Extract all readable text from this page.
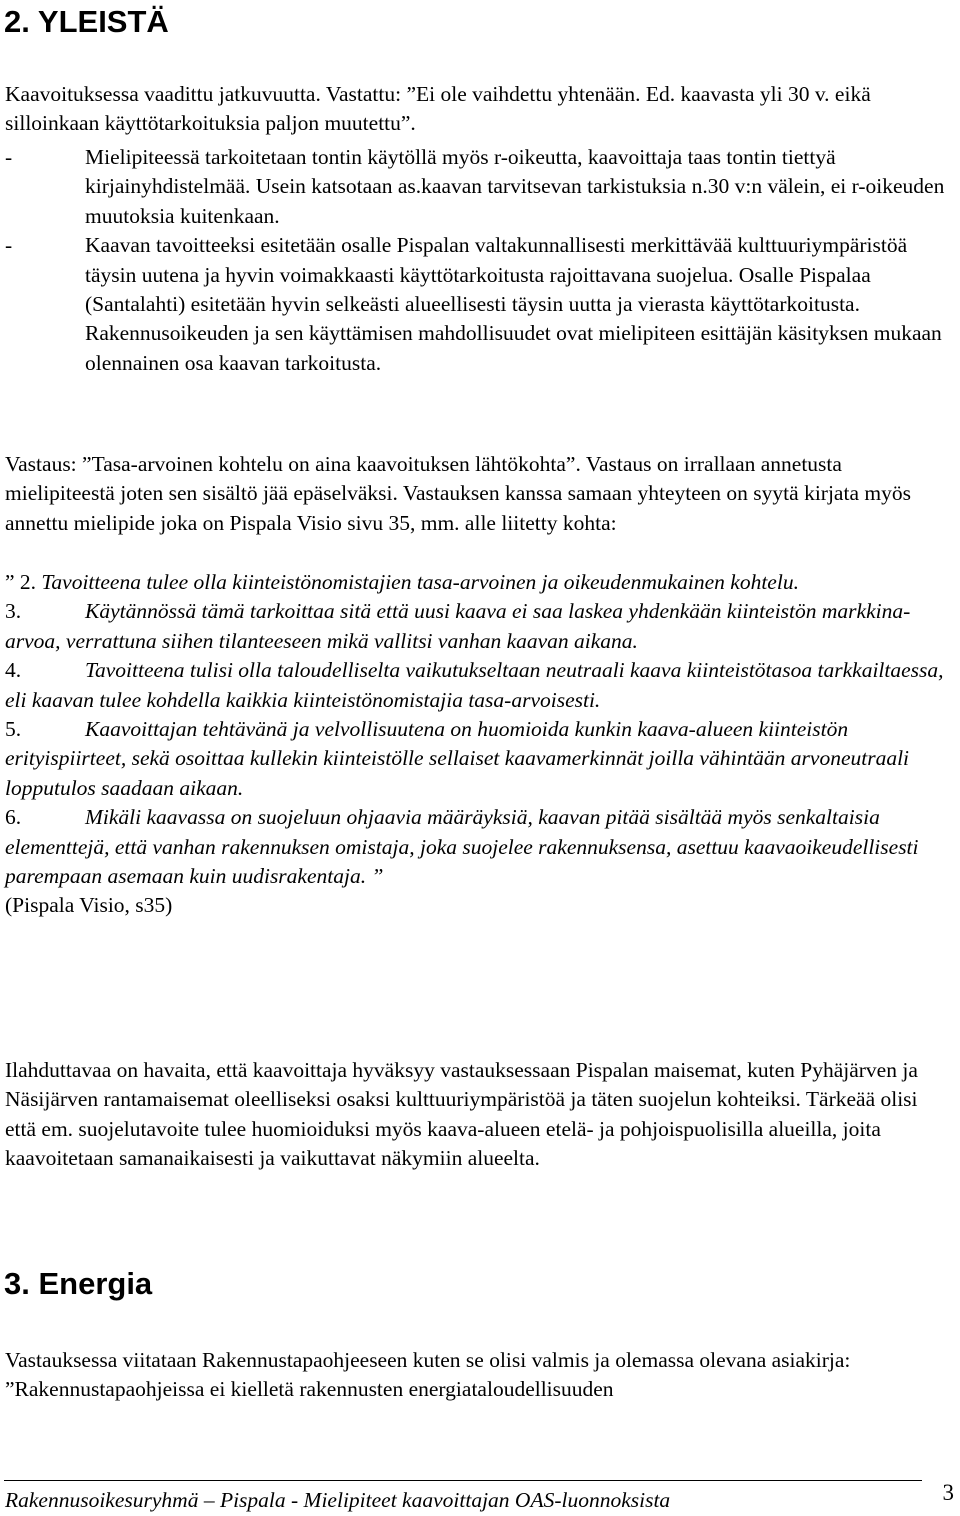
2. YLEISTÄ

Kaavoituksessa vaadittu jatkuvuutta. Vastattu: ”Ei ole vaihdettu yhtenään. Ed. kaavasta yli 30 v. eikä silloinkaan käyttötarkoituksia paljon muutettu”.

-	Mielipiteessä tarkoitetaan tontin käytöllä myös r-oikeutta, kaavoittaja taas tontin tiettyä kirjainyhdistelmää. Usein katsotaan as.kaavan tarvitsevan tarkistuksia n.30 v:n välein, ei r-oikeuden muutoksia kuitenkaan.
-	Kaavan tavoitteeksi esitetään osalle Pispalan valtakunnallisesti merkittävää kulttuuriympäristöä täysin uutena ja hyvin voimakkaasti käyttötarkoitusta rajoittavana suojelua. Osalle Pispalaa (Santalahti) esitetään hyvin selkeästi alueellisesti täysin uutta ja vierasta käyttötarkoitusta. Rakennusoikeuden ja sen käyttämisen mahdollisuudet ovat mielipiteen esittäjän käsityksen mukaan olennainen osa kaavan tarkoitusta.

Vastaus: ”Tasa-arvoinen kohtelu on aina kaavoituksen lähtökohta”. Vastaus on irrallaan annetusta mielipiteestä joten sen sisältö jää epäselväksi. Vastauksen kanssa samaan yhteyteen on syytä kirjata myös annettu mielipide joka on Pispala Visio sivu 35, mm. alle liitetty kohta:

” 2. Tavoitteena tulee olla kiinteistönomistajien tasa-arvoinen ja oikeudenmukainen kohtelu.
3.	Käytännössä tämä tarkoittaa sitä että uusi kaava ei saa laskea yhdenkään kiinteistön markkina-arvoa, verrattuna siihen tilanteeseen mikä vallitsi vanhan kaavan aikana.
4.	Tavoitteena tulisi olla taloudelliselta vaikutukseltaan neutraali kaava kiinteistötasoa tarkkailtaessa, eli kaavan tulee kohdella kaikkia kiinteistönomistajia tasa-arvoisesti.
5.	Kaavoittajan tehtävänä ja velvollisuutena on huomioida kunkin kaava-alueen kiinteistön erityispiirteet, sekä osoittaa kullekin kiinteistölle sellaiset kaavamerkinnät joilla vähintään arvoneutraali lopputulos saadaan aikaan.
6.	Mikäli kaavassa on suojeluun ohjaavia määräyksiä, kaavan pitää sisältää myös senkaltaisia elementtejä, että vanhan rakennuksen omistaja, joka suojelee rakennuksensa, asettuu kaavaoikeudellisesti parempaan asemaan kuin uudisrakentaja. ”
(Pispala Visio, s35)

Ilahduttavaa on havaita, että kaavoittaja hyväksyy vastauksessaan Pispalan maisemat, kuten Pyhäjärven ja Näsijärven rantamaisemat oleelliseksi osaksi kulttuuriympäristöä ja täten suojelun kohteiksi. Tärkeää olisi että em. suojelutavoite tulee huomioiduksi myös kaava-alueen etelä- ja pohjoispuolisilla alueilla, joita kaavoitetaan samanaikaisesti ja vaikuttavat näkymiin alueelta.

3. Energia

Vastauksessa viitataan Rakennustapaohjeeseen kuten se olisi valmis ja olemassa olevana asiakirja: ”Rakennustapaohjeissa ei kielletä rakennusten energiataloudellisuuden

Rakennusoikesuryhmä – Pispala - Mielipiteet kaavoittajan OAS-luonnoksista	3
